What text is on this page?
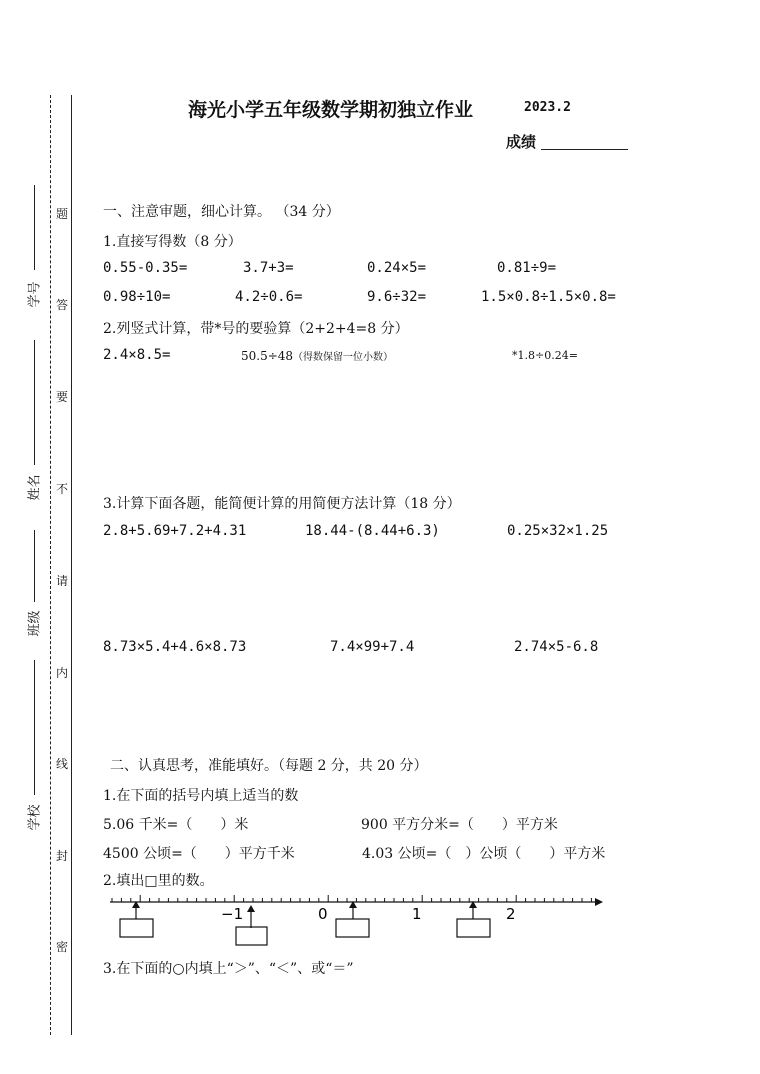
学号
姓名
班级
学校
题
答
要
不
请
内
线
封
密
海光小学五年级数学期初独立作业	2023.2
成绩
一、注意审题，细心计算。 （34 分）
1.直接写得数（8 分）
0.55-0.35=	3.7+3=	0.24×5=	0.81÷9=
0.98÷10=	4.2÷0.6=	9.6÷32=	1.5×0.8÷1.5×0.8=
2.列竖式计算，带*号的要验算（2+2+4=8 分）
2.4×8.5=	50.5÷48（得数保留一位小数）	*1.8÷0.24=
3.计算下面各题，能简便计算的用简便方法计算（18 分）
2.8+5.69+7.2+4.31	18.44-(8.44+6.3)	0.25×32×1.25
8.73×5.4+4.6×8.73	7.4×99+7.4	2.74×5-6.8
二、认真思考，准能填好。（每题 2 分，共 20 分）
1.在下面的括号内填上适当的数
5.06 千米=（　　）米	900 平方分米=（　　）平方米
4500 公顷=（　　）平方千米	4.03 公顷=（　）公顷（　　）平方米
2.填出□里的数。
−1	0	1	2
3.在下面的○内填上“＞”、“＜”、或“＝”
